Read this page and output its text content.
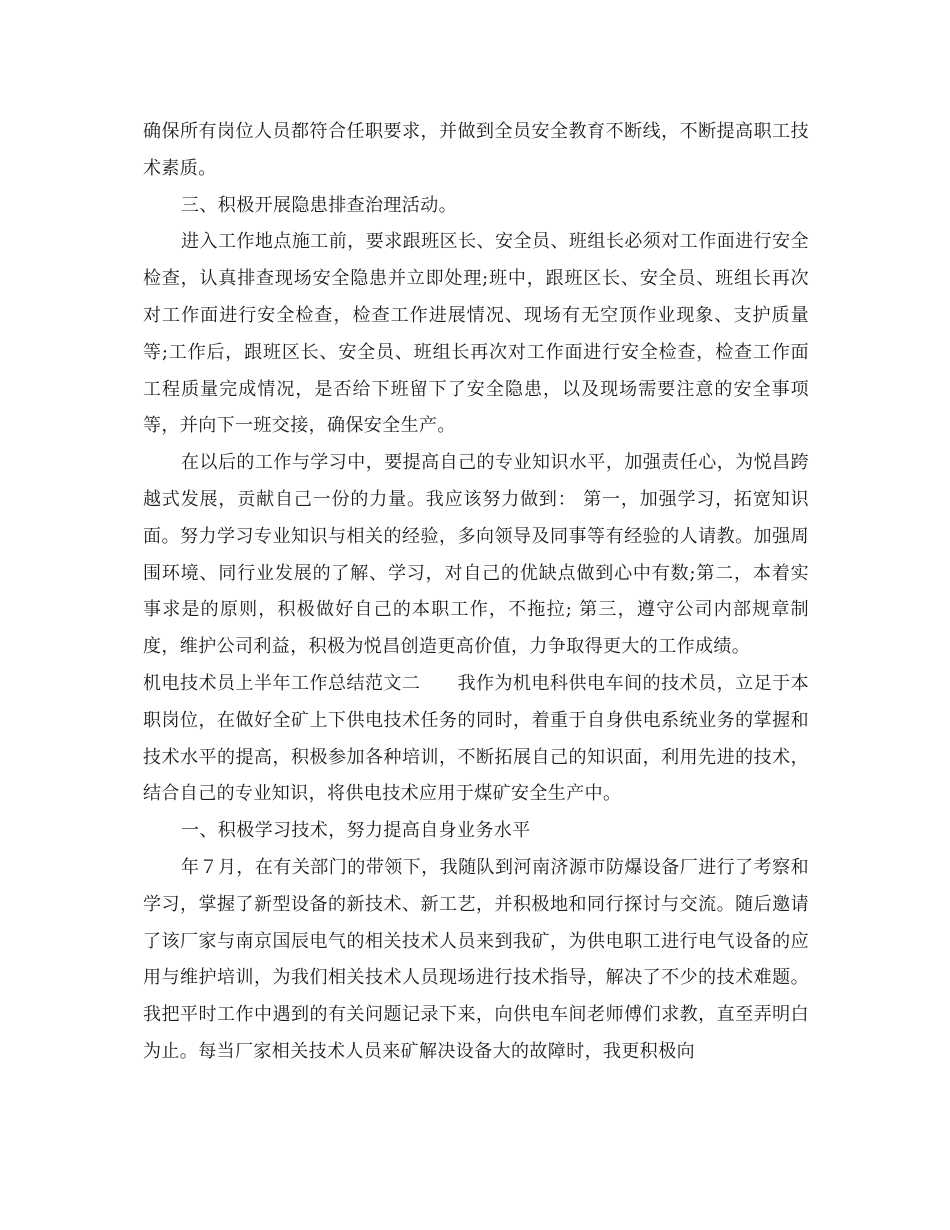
确保所有岗位人员都符合任职要求，并做到全员安全教育不断线，不断提高职工技术素质。

三、积极开展隐患排查治理活动。

进入工作地点施工前，要求跟班区长、安全员、班组长必须对工作面进行安全检查，认真排查现场安全隐患并立即处理;班中，跟班区长、安全员、班组长再次对工作面进行安全检查，检查工作进展情况、现场有无空顶作业现象、支护质量等;工作后，跟班区长、安全员、班组长再次对工作面进行安全检查，检查工作面工程质量完成情况，是否给下班留下了安全隐患，以及现场需要注意的安全事项等，并向下一班交接，确保安全生产。

在以后的工作与学习中，要提高自己的专业知识水平，加强责任心，为悦昌跨越式发展，贡献自己一份的力量。我应该努力做到： 第一，加强学习，拓宽知识面。努力学习专业知识与相关的经验，多向领导及同事等有经验的人请教。加强周围环境、同行业发展的了解、学习，对自己的优缺点做到心中有数;第二，本着实事求是的原则，积极做好自己的本职工作，不拖拉; 第三，遵守公司内部规章制度，维护公司利益，积极为悦昌创造更高价值，力争取得更大的工作成绩。

机电技术员上半年工作总结范文二　　我作为机电科供电车间的技术员，立足于本职岗位，在做好全矿上下供电技术任务的同时，着重于自身供电系统业务的掌握和技术水平的提高，积极参加各种培训，不断拓展自己的知识面，利用先进的技术，结合自己的专业知识，将供电技术应用于煤矿安全生产中。

一、积极学习技术，努力提高自身业务水平

年７月，在有关部门的带领下，我随队到河南济源市防爆设备厂进行了考察和学习，掌握了新型设备的新技术、新工艺，并积极地和同行探讨与交流。随后邀请了该厂家与南京国辰电气的相关技术人员来到我矿，为供电职工进行电气设备的应用与维护培训，为我们相关技术人员现场进行技术指导，解决了不少的技术难题。我把平时工作中遇到的有关问题记录下来，向供电车间老师傅们求教，直至弄明白为止。每当厂家相关技术人员来矿解决设备大的故障时，我更积极向
